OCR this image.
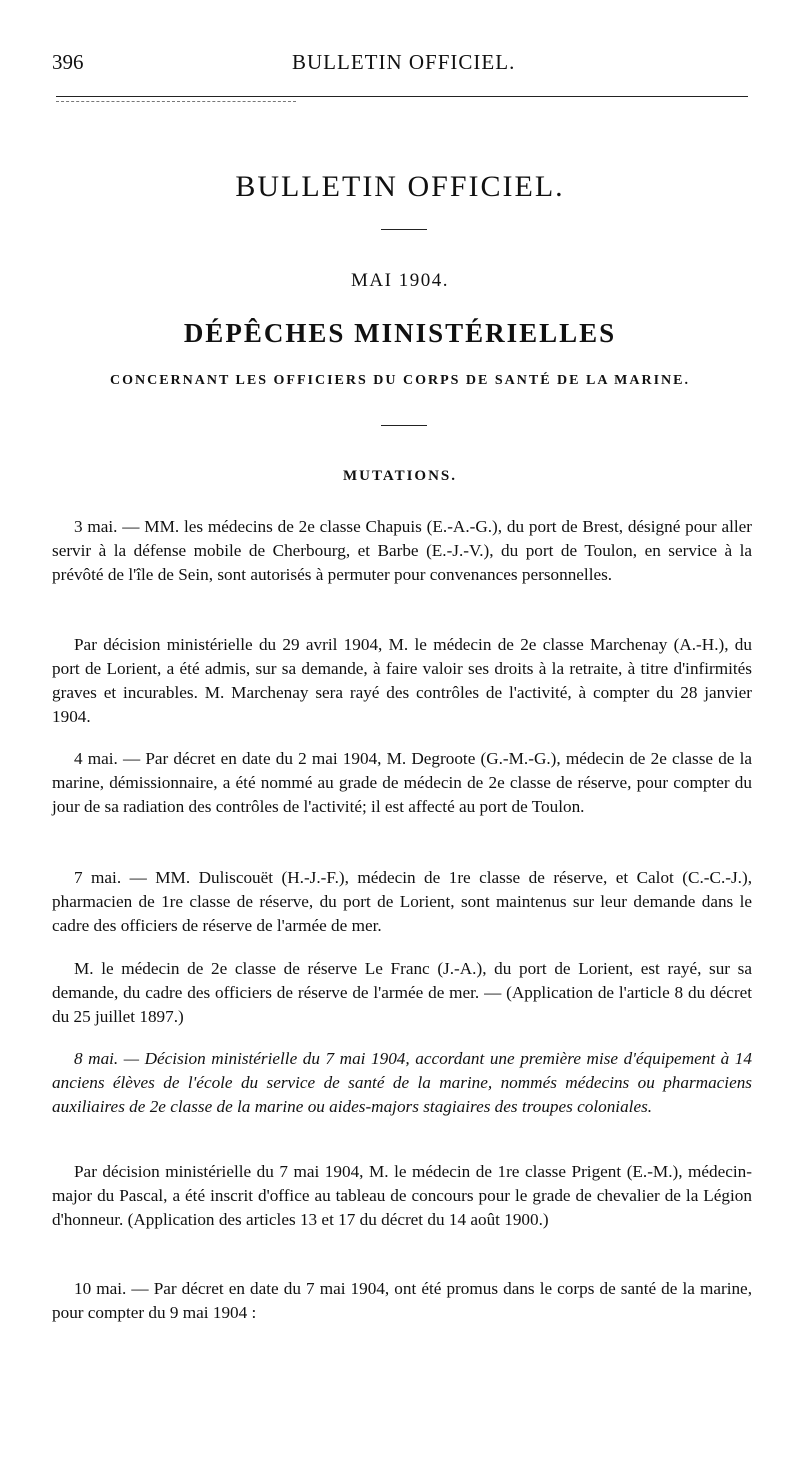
396	BULLETIN OFFICIEL.
BULLETIN OFFICIEL.
MAI 1904.
DÉPÊCHES MINISTÉRIELLES
CONCERNANT LES OFFICIERS DU CORPS DE SANTÉ DE LA MARINE.
MUTATIONS.

3 mai. — MM. les médecins de 2e classe Chapuis (E.-A.-G.), du port de Brest, désigné pour aller servir à la défense mobile de Cherbourg, et Barbe (E.-J.-V.), du port de Toulon, en service à la prévôté de l'île de Sein, sont autorisés à permuter pour convenances personnelles.

Par décision ministérielle du 29 avril 1904, M. le médecin de 2e classe Marchenay (A.-H.), du port de Lorient, a été admis, sur sa demande, à faire valoir ses droits à la retraite, à titre d'infirmités graves et incurables. M. Marchenay sera rayé des contrôles de l'activité, à compter du 28 janvier 1904.

4 mai. — Par décret en date du 2 mai 1904, M. Degroote (G.-M.-G.), médecin de 2e classe de la marine, démissionnaire, a été nommé au grade de médecin de 2e classe de réserve, pour compter du jour de sa radiation des contrôles de l'activité; il est affecté au port de Toulon.

7 mai. — MM. Duliscouët (H.-J.-F.), médecin de 1re classe de réserve, et Calot (C.-C.-J.), pharmacien de 1re classe de réserve, du port de Lorient, sont maintenus sur leur demande dans le cadre des officiers de réserve de l'armée de mer.

M. le médecin de 2e classe de réserve Le Franc (J.-A.), du port de Lorient, est rayé, sur sa demande, du cadre des officiers de réserve de l'armée de mer. — (Application de l'article 8 du décret du 25 juillet 1897.)

8 mai. — Décision ministérielle du 7 mai 1904, accordant une première mise d'équipement à 14 anciens élèves de l'école du service de santé de la marine, nommés médecins ou pharmaciens auxiliaires de 2e classe de la marine ou aides-majors stagiaires des troupes coloniales.

Par décision ministérielle du 7 mai 1904, M. le médecin de 1re classe Prigent (E.-M.), médecin-major du Pascal, a été inscrit d'office au tableau de concours pour le grade de chevalier de la Légion d'honneur. (Application des articles 13 et 17 du décret du 14 août 1900.)

10 mai. — Par décret en date du 7 mai 1904, ont été promus dans le corps de santé de la marine, pour compter du 9 mai 1904 :
